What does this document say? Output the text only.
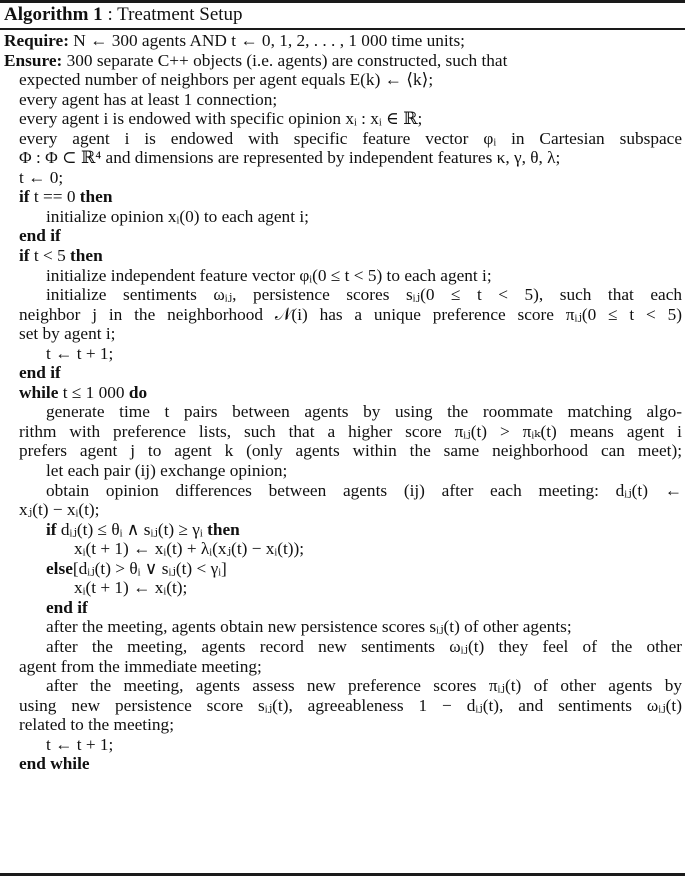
Algorithm 1 : Treatment Setup
Require: N ← 300 agents AND t ← 0, 1, 2, . . . , 1 000 time units;
Ensure: 300 separate C++ objects (i.e. agents) are constructed, such that
expected number of neighbors per agent equals E(k) ← ⟨k⟩;
every agent has at least 1 connection;
every agent i is endowed with specific opinion xᵢ : xᵢ ∈ ℝ;
every agent i is endowed with specific feature vector φᵢ in Cartesian subspace
Φ : Φ ⊂ ℝ⁴ and dimensions are represented by independent features κ, γ, θ, λ;
t ← 0;
if t == 0 then
initialize opinion xᵢ(0) to each agent i;
end if
if t < 5 then
initialize independent feature vector φᵢ(0 ≤ t < 5) to each agent i;
initialize sentiments ωᵢⱼ, persistence scores sᵢⱼ(0 ≤ t < 5), such that each
neighbor j in the neighborhood 𝒩(i) has a unique preference score πᵢⱼ(0 ≤ t < 5)
set by agent i;
t ← t + 1;
end if
while t ≤ 1 000 do
generate time t pairs between agents by using the roommate matching algo-
rithm with preference lists, such that a higher score πᵢⱼ(t) > πᵢₖ(t) means agent i
prefers agent j to agent k (only agents within the same neighborhood can meet);
let each pair (ij) exchange opinion;
obtain opinion differences between agents (ij) after each meeting: dᵢⱼ(t) ←
xⱼ(t) − xᵢ(t);
if dᵢⱼ(t) ≤ θᵢ ∧ sᵢⱼ(t) ≥ γᵢ then
xᵢ(t + 1) ← xᵢ(t) + λᵢ(xⱼ(t) − xᵢ(t));
else[dᵢⱼ(t) > θᵢ ∨ sᵢⱼ(t) < γᵢ]
xᵢ(t + 1) ← xᵢ(t);
end if
after the meeting, agents obtain new persistence scores sᵢⱼ(t) of other agents;
after the meeting, agents record new sentiments ωᵢⱼ(t) they feel of the other
agent from the immediate meeting;
after the meeting, agents assess new preference scores πᵢⱼ(t) of other agents by
using new persistence score sᵢⱼ(t), agreeableness 1 − dᵢⱼ(t), and sentiments ωᵢⱼ(t)
related to the meeting;
t ← t + 1;
end while
